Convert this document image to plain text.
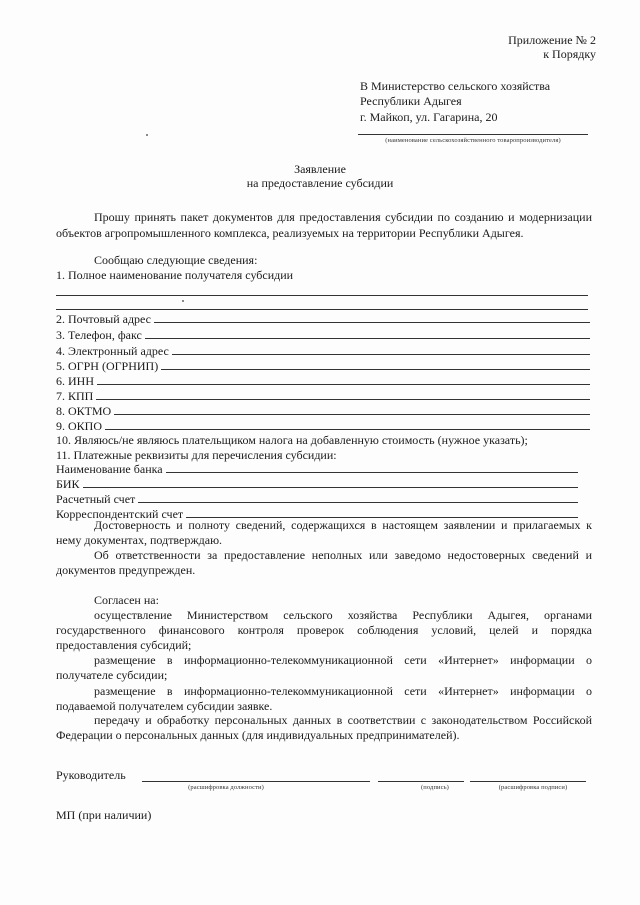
Приложение № 2
к Порядку
В Министерство сельского хозяйства
Республики Адыгея
г. Майкоп, ул. Гагарина, 20
(наименование сельскохозяйственного товаропроизводителя)
Заявление
на предоставление субсидии
Прошу принять пакет документов для предоставления субсидии по созданию и модернизации объектов агропромышленного комплекса, реализуемых на территории Республики Адыгея.
Сообщаю следующие сведения:
1. Полное наименование получателя субсидии
2. Почтовый адрес
3. Телефон, факс
4. Электронный адрес
5. ОГРН (ОГРНИП)
6. ИНН
7. КПП
8. ОКТМО
9. ОКПО
10. Являюсь/не являюсь плательщиком налога на добавленную стоимость (нужное указать);
11. Платежные реквизиты для перечисления субсидии:
Наименование банка
БИК
Расчетный счет
Корреспондентский счет
Достоверность и полноту сведений, содержащихся в настоящем заявлении и прилагаемых к нему документах, подтверждаю.
Об ответственности за предоставление неполных или заведомо недостоверных сведений и документов предупрежден.
Согласен на:
осуществление Министерством сельского хозяйства Республики Адыгея, органами государственного финансового контроля проверок соблюдения условий, целей и порядка предоставления субсидий;
размещение в информационно-телекоммуникационной сети «Интернет» информации о получателе субсидии;
размещение в информационно-телекоммуникационной сети «Интернет» информации о подаваемой получателем субсидии заявке.
передачу и обработку персональных данных в соответствии с законодательством Российской Федерации о персональных данных (для индивидуальных предпринимателей).
Руководитель
(расшифровка должности)	(подпись)	(расшифровка подписи)
МП (при наличии)
